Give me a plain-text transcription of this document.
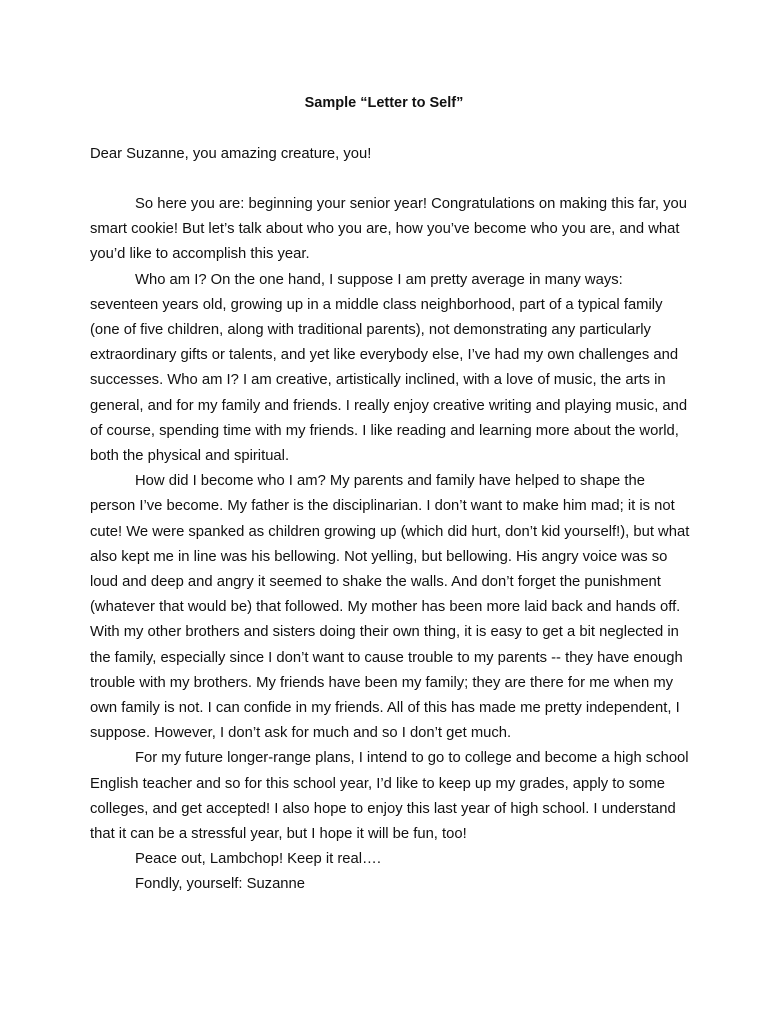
Sample “Letter to Self”
Dear Suzanne, you amazing creature, you!

So here you are: beginning your senior year! Congratulations on making this far, you smart cookie! But let’s talk about who you are, how you’ve become who you are, and what you’d like to accomplish this year.

Who am I? On the one hand, I suppose I am pretty average in many ways: seventeen years old, growing up in a middle class neighborhood, part of a typical family (one of five children, along with traditional parents), not demonstrating any particularly extraordinary gifts or talents, and yet like everybody else, I’ve had my own challenges and successes. Who am I? I am creative, artistically inclined, with a love of music, the arts in general, and for my family and friends. I really enjoy creative writing and playing music, and of course, spending time with my friends. I like reading and learning more about the world, both the physical and spiritual.

How did I become who I am? My parents and family have helped to shape the person I’ve become. My father is the disciplinarian. I don’t want to make him mad; it is not cute! We were spanked as children growing up (which did hurt, don’t kid yourself!), but what also kept me in line was his bellowing. Not yelling, but bellowing. His angry voice was so loud and deep and angry it seemed to shake the walls. And don’t forget the punishment (whatever that would be) that followed. My mother has been more laid back and hands off. With my other brothers and sisters doing their own thing, it is easy to get a bit neglected in the family, especially since I don’t want to cause trouble to my parents -- they have enough trouble with my brothers. My friends have been my family; they are there for me when my own family is not. I can confide in my friends. All of this has made me pretty independent, I suppose. However, I don’t ask for much and so I don’t get much.

For my future longer-range plans, I intend to go to college and become a high school English teacher and so for this school year, I’d like to keep up my grades, apply to some colleges, and get accepted! I also hope to enjoy this last year of high school. I understand that it can be a stressful year, but I hope it will be fun, too!

Peace out, Lambchop! Keep it real….

Fondly, yourself: Suzanne
